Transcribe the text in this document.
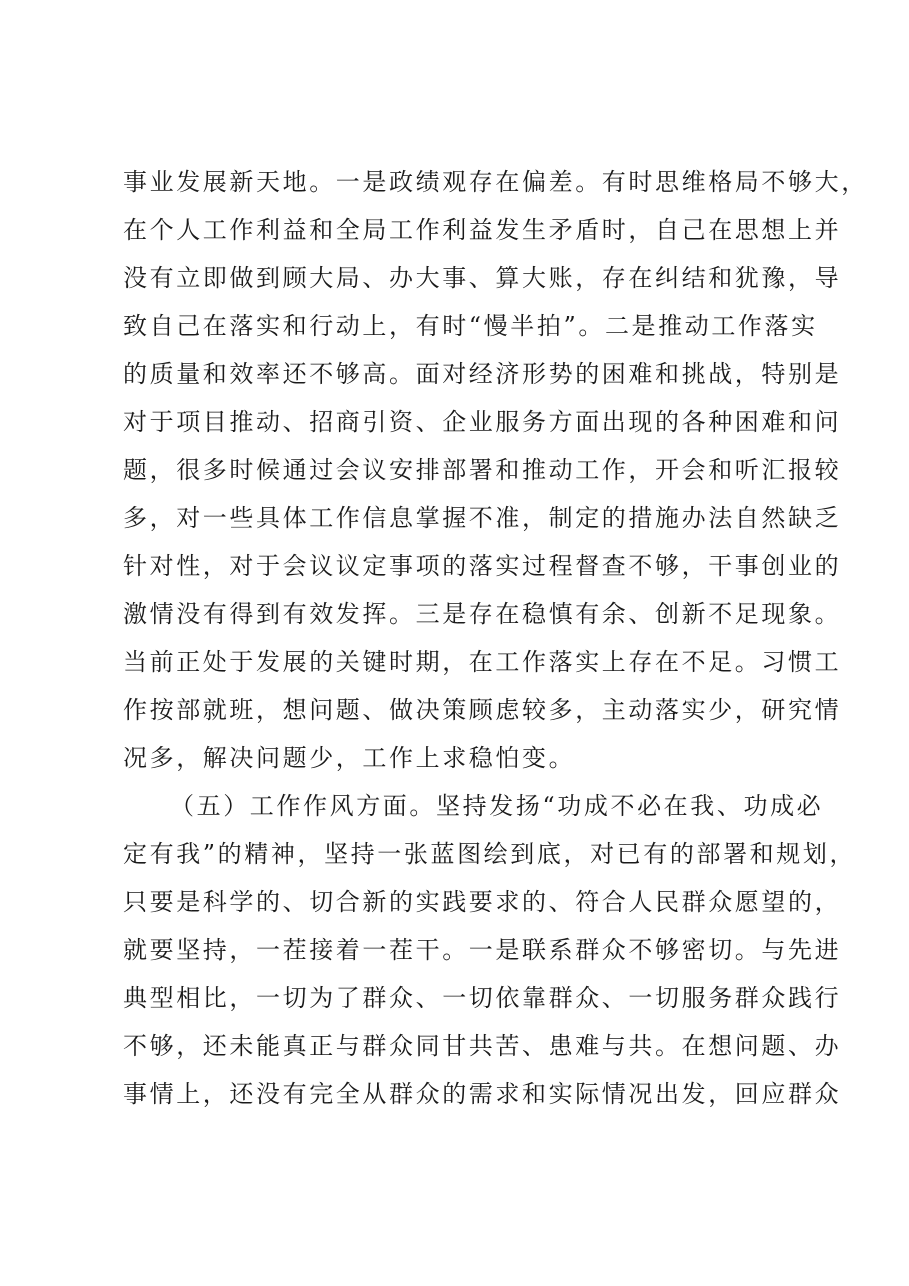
事业发展新天地。一是政绩观存在偏差。有时思维格局不够大，
在个人工作利益和全局工作利益发生矛盾时，自己在思想上并
没有立即做到顾大局、办大事、算大账，存在纠结和犹豫，导
致自己在落实和行动上，有时“慢半拍”。二是推动工作落实
的质量和效率还不够高。面对经济形势的困难和挑战，特别是
对于项目推动、招商引资、企业服务方面出现的各种困难和问
题，很多时候通过会议安排部署和推动工作，开会和听汇报较
多，对一些具体工作信息掌握不准，制定的措施办法自然缺乏
针对性，对于会议议定事项的落实过程督查不够，干事创业的
激情没有得到有效发挥。三是存在稳慎有余、创新不足现象。
当前正处于发展的关键时期，在工作落实上存在不足。习惯工
作按部就班，想问题、做决策顾虑较多，主动落实少，研究情
况多，解决问题少，工作上求稳怕变。
（五）工作作风方面。坚持发扬“功成不必在我、功成必
定有我”的精神，坚持一张蓝图绘到底，对已有的部署和规划，
只要是科学的、切合新的实践要求的、符合人民群众愿望的，
就要坚持，一茬接着一茬干。一是联系群众不够密切。与先进
典型相比，一切为了群众、一切依靠群众、一切服务群众践行
不够，还未能真正与群众同甘共苦、患难与共。在想问题、办
事情上，还没有完全从群众的需求和实际情况出发，回应群众
